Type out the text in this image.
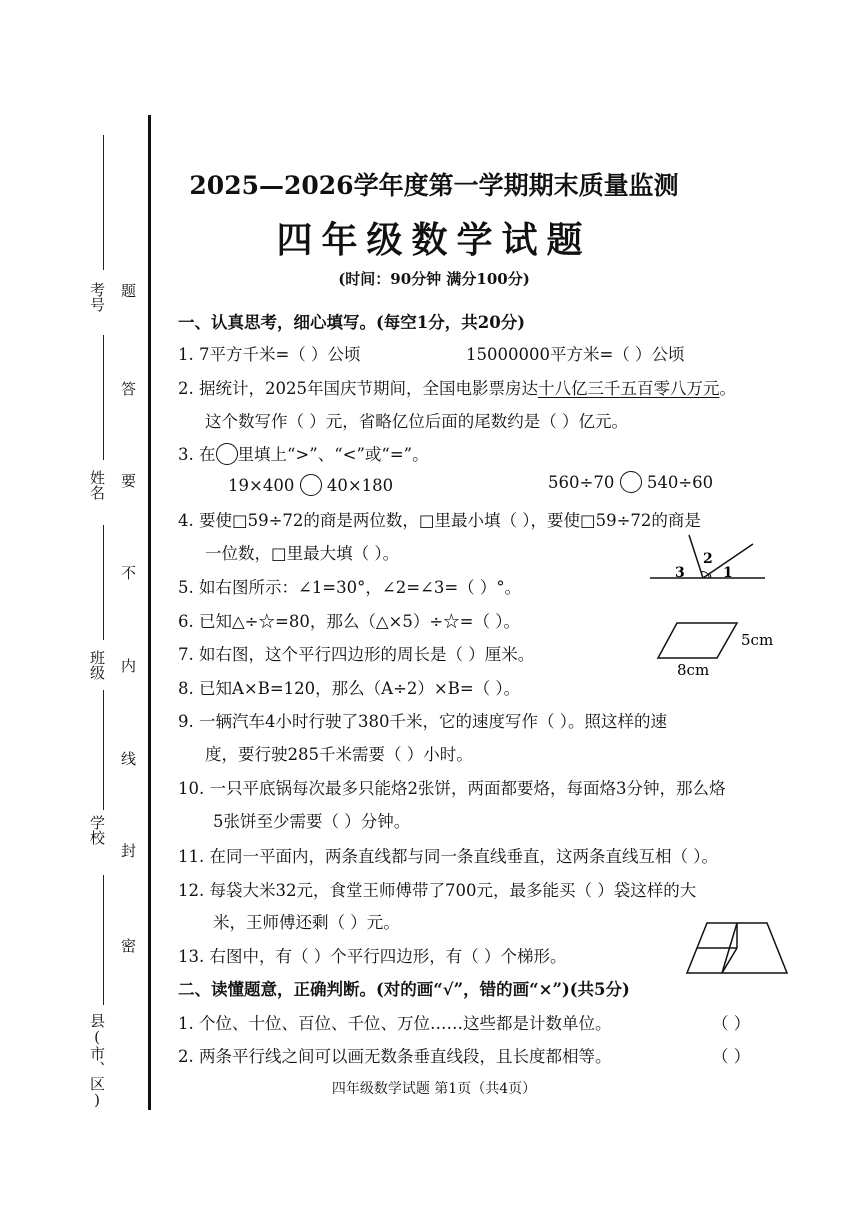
考号
姓名
班级
学校
县(市、区)
题
答
要
不
内
线
封
密
2025—2026学年度第一学期期末质量监测
四年级数学试题
(时间：90分钟 满分100分)
一、认真思考，细心填写。(每空1分，共20分)
1. 7平方千米=（ ）公顷	15000000平方米=（ ）公顷
2. 据统计，2025年国庆节期间，全国电影票房达十八亿三千五百零八万元。
这个数写作（ ）元，省略亿位后面的尾数约是（ ）亿元。
3. 在 里填上“>”、“<”或“=”。
19×400 40×180	560÷70 540÷60
4. 要使□59÷72的商是两位数，□里最小填（ ），要使□59÷72的商是
一位数，□里最大填（ ）。
5. 如右图所示：∠1=30°，∠2=∠3=（ ）°。
6. 已知△÷☆=80，那么（△×5）÷☆=（ ）。
7. 如右图，这个平行四边形的周长是（ ）厘米。
8. 已知A×B=120，那么（A÷2）×B=（ ）。
9. 一辆汽车4小时行驶了380千米，它的速度写作（ ）。照这样的速
度，要行驶285千米需要（ ）小时。
10. 一只平底锅每次最多只能烙2张饼，两面都要烙，每面烙3分钟，那么烙
5张饼至少需要（ ）分钟。
11. 在同一平面内，两条直线都与同一条直线垂直，这两条直线互相（ ）。
12. 每袋大米32元，食堂王师傅带了700元，最多能买（ ）袋这样的大
米，王师傅还剩（ ）元。
13. 右图中，有（ ）个平行四边形，有（ ）个梯形。
2
3	1
5cm
8cm
二、读懂题意，正确判断。(对的画“√”，错的画“×”)(共5分)
1. 个位、十位、百位、千位、万位……这些都是计数单位。	（ ）
2. 两条平行线之间可以画无数条垂直线段，且长度都相等。	（ ）
四年级数学试题 第1页（共4页）
